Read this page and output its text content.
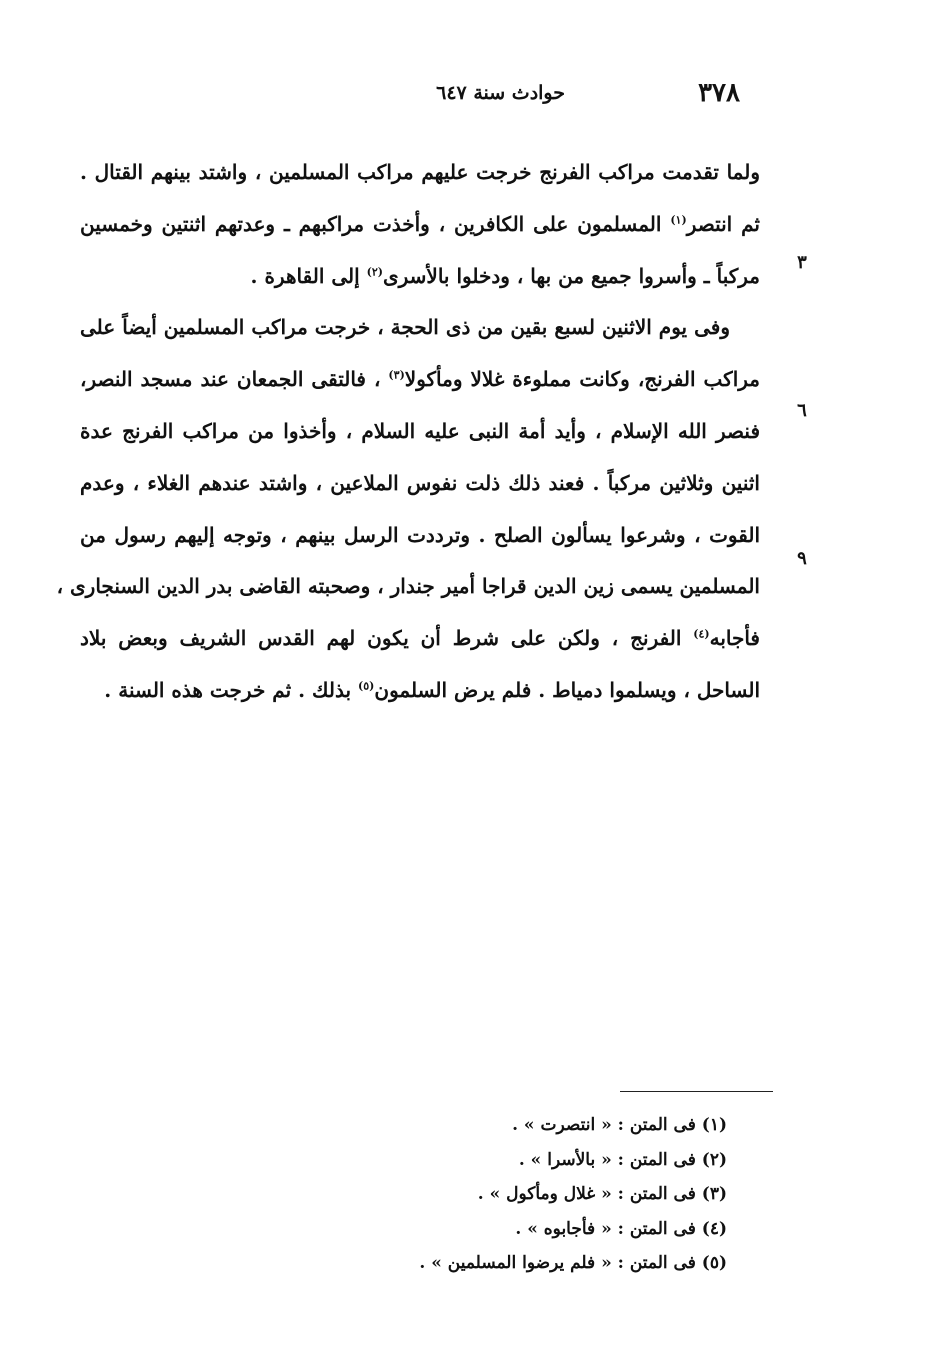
٣٧٨
حوادث سنة ٦٤٧
٣
٦
٩
ولما تقدمت مراكب الفرنج خرجت عليهم مراكب المسلمين ، واشتد بينهم القتال .
ثم انتصر$^{(١)}$ المسلمون على الكافرين ، وأخذت مراكبهم ـ وعدتهم اثنتين وخمسين
مركباً ـ وأسروا جميع من بها ، ودخلوا بالأسرى$^{(٢)}$ إلى القاهرة .
وفى يوم الاثنين لسبع بقين من ذى الحجة ، خرجت مراكب المسلمين أيضاً على
مراكب الفرنج، وكانت مملوءة غلالا ومأكولا$^{(٣)}$ ، فالتقى الجمعان عند مسجد النصر،
فنصر الله الإسلام ، وأيد أمة النبى عليه السلام ، وأخذوا من مراكب الفرنج عدة
اثنين وثلاثين مركباً . فعند ذلك ذلت نفوس الملاعين ، واشتد عندهم الغلاء ، وعدم
القوت ، وشرعوا يسألون الصلح . وترددت الرسل بينهم ، وتوجه إليهم رسول من
المسلمين يسمى زين الدين قراجا أمير جندار ، وصحبته القاضى بدر الدين السنجارى ،
فأجابه$^{(٤)}$ الفرنج ، ولكن على شرط أن يكون لهم القدس الشريف وبعض بلاد
الساحل ، ويسلموا دمياط . فلم يرض السلمون$^{(٥)}$ بذلك . ثم خرجت هذه السنة .
(١) فى المتن : « انتصرت » .
(٢) فى المتن : « بالأسرا » .
(٣) فى المتن : « غلال ومأكول » .
(٤) فى المتن : « فأجابوه » .
(٥) فى المتن : « فلم يرضوا المسلمين » .
